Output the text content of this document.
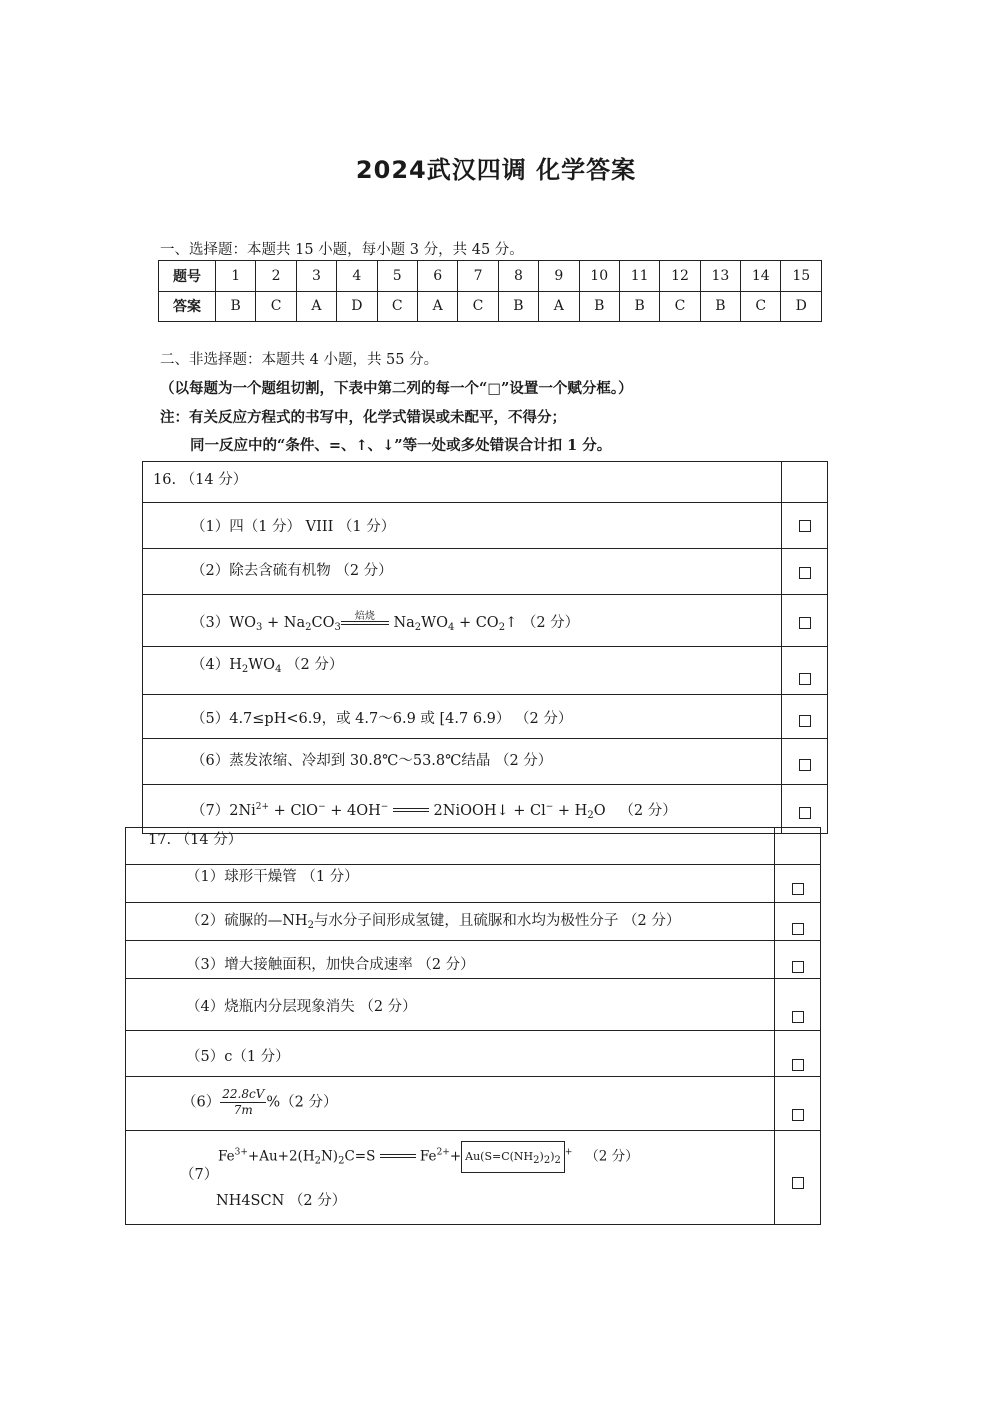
2024武汉四调 化学答案
一、选择题：本题共 15 小题，每小题 3 分，共 45 分。
题号	1	2	3	4	5	6	7	8	9	10	11	12	13	14	15
答案	B	C	A	D	C	A	C	B	A	B	B	C	B	C	D
二、非选择题：本题共 4 小题，共 55 分。
（以每题为一个题组切割，下表中第二列的每一个“□”设置一个赋分框。）
注：有关反应方程式的书写中，化学式错误或未配平，不得分；
同一反应中的“条件、=、↑、↓”等一处或多处错误合计扣 1 分。
16. （14 分）
（1）四（1 分） VIII （1 分）
（2）除去含硫有机物 （2 分）
$(3)WO_3 + Na_2CO_3$
焙烧 $Na_2WO_4$ + $CO_2↑$ （2 分）
$(4)H_2WO_4$ （2 分）
（5）4.7≤pH<6.9，或 4.7～6.9 或 [4.7 6.9） （2 分）
（6）蒸发浓缩、冷却到 30.8℃～53.8℃结晶 （2 分）
$(7)2Ni^{2+} + ClO^- + 4OH^-$	2NiOOH↓ + $Cl^- + H_2O$   （2 分）
17. （14 分）
（1）球形干燥管 （1 分）
（2）硫脲的$—NH_2$与水分子间形成氢键，且硫脲和水均为极性分子 （2 分）
（3）增大接触面积，加快合成速率 （2 分）
（4）烧瓶内分层现象消失 （2 分）
（5）c（1 分）
$(6) \frac{22.8cV}{7m} \%(2$ 分）
（7）
$Fe^{3+}+Au+2(H_2N)_2C=S$	$Fe^{2+}+ Au(S=C(NH2)2)2^+$ （2 分）
NH4SCN （2 分）
